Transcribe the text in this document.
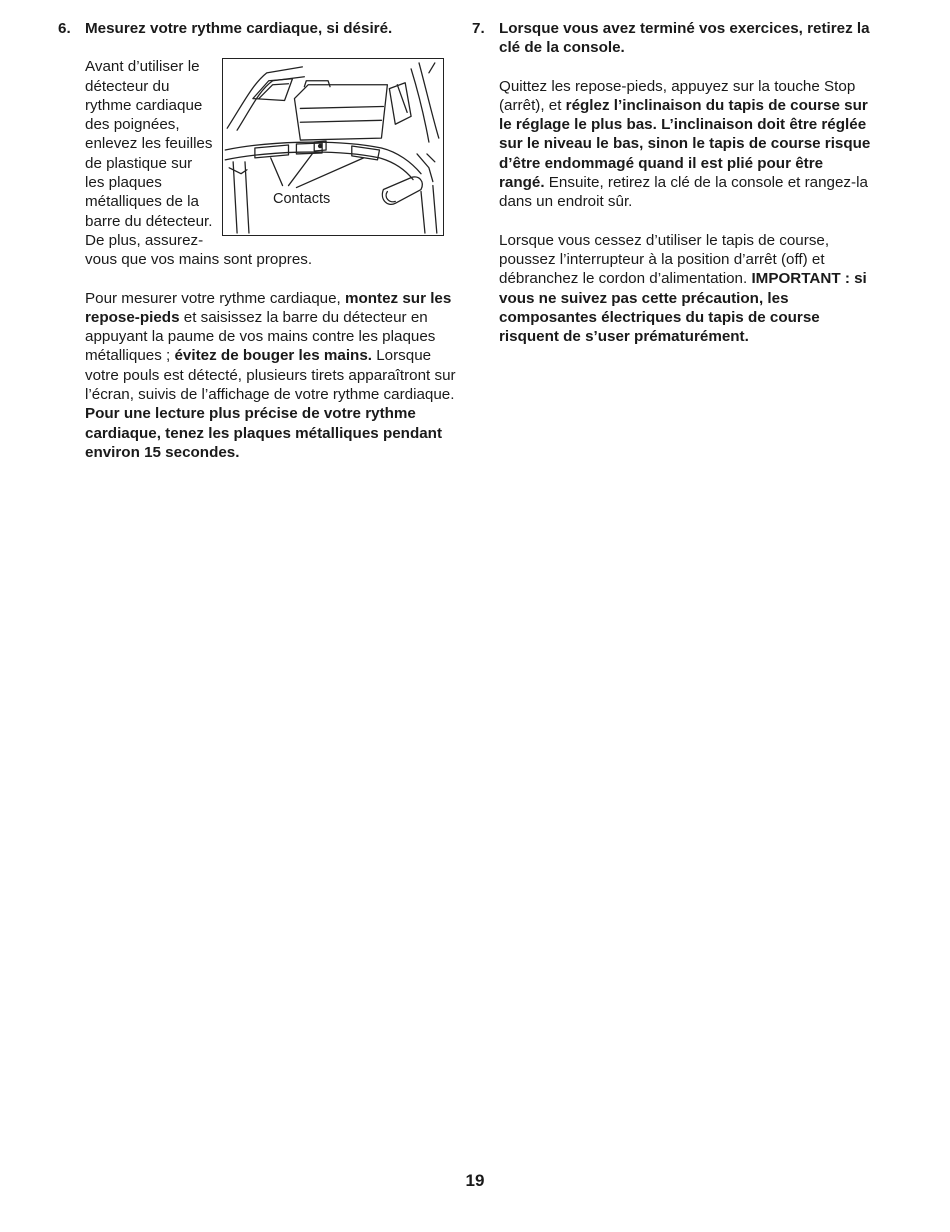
6. Mesurez votre rythme cardiaque, si désiré.
Contacts

Avant d’utiliser le détecteur du rythme cardiaque des poignées, enlevez les feuilles de plastique sur les plaques métalliques de la barre du détecteur. De plus, assurez-vous que vos mains sont propres.

Pour mesurer votre rythme cardiaque, montez sur les repose-pieds et saisissez la barre du détecteur en appuyant la paume de vos mains contre les plaques métalliques ; évitez de bouger les mains. Lorsque votre pouls est détecté, plusieurs tirets apparaîtront sur l’écran, suivis de l’affichage de votre rythme cardiaque. Pour une lecture plus précise de votre rythme cardiaque, tenez les plaques métalliques pendant environ 15 secondes.

7. Lorsque vous avez terminé vos exercices, retirez la clé de la console.

Quittez les repose-pieds, appuyez sur la touche Stop (arrêt), et réglez l’inclinaison du tapis de course sur le réglage le plus bas. L’inclinaison doit être réglée sur le niveau le bas, sinon le tapis de course risque d’être endommagé quand il est plié pour être rangé. Ensuite, retirez la clé de la console et rangez-la dans un endroit sûr.

Lorsque vous cessez d’utiliser le tapis de course, poussez l’interrupteur à la position d’arrêt (off) et débranchez le cordon d’alimentation. IMPORTANT : si vous ne suivez pas cette précaution, les composantes électriques du tapis de course risquent de s’user prématurément.

19
